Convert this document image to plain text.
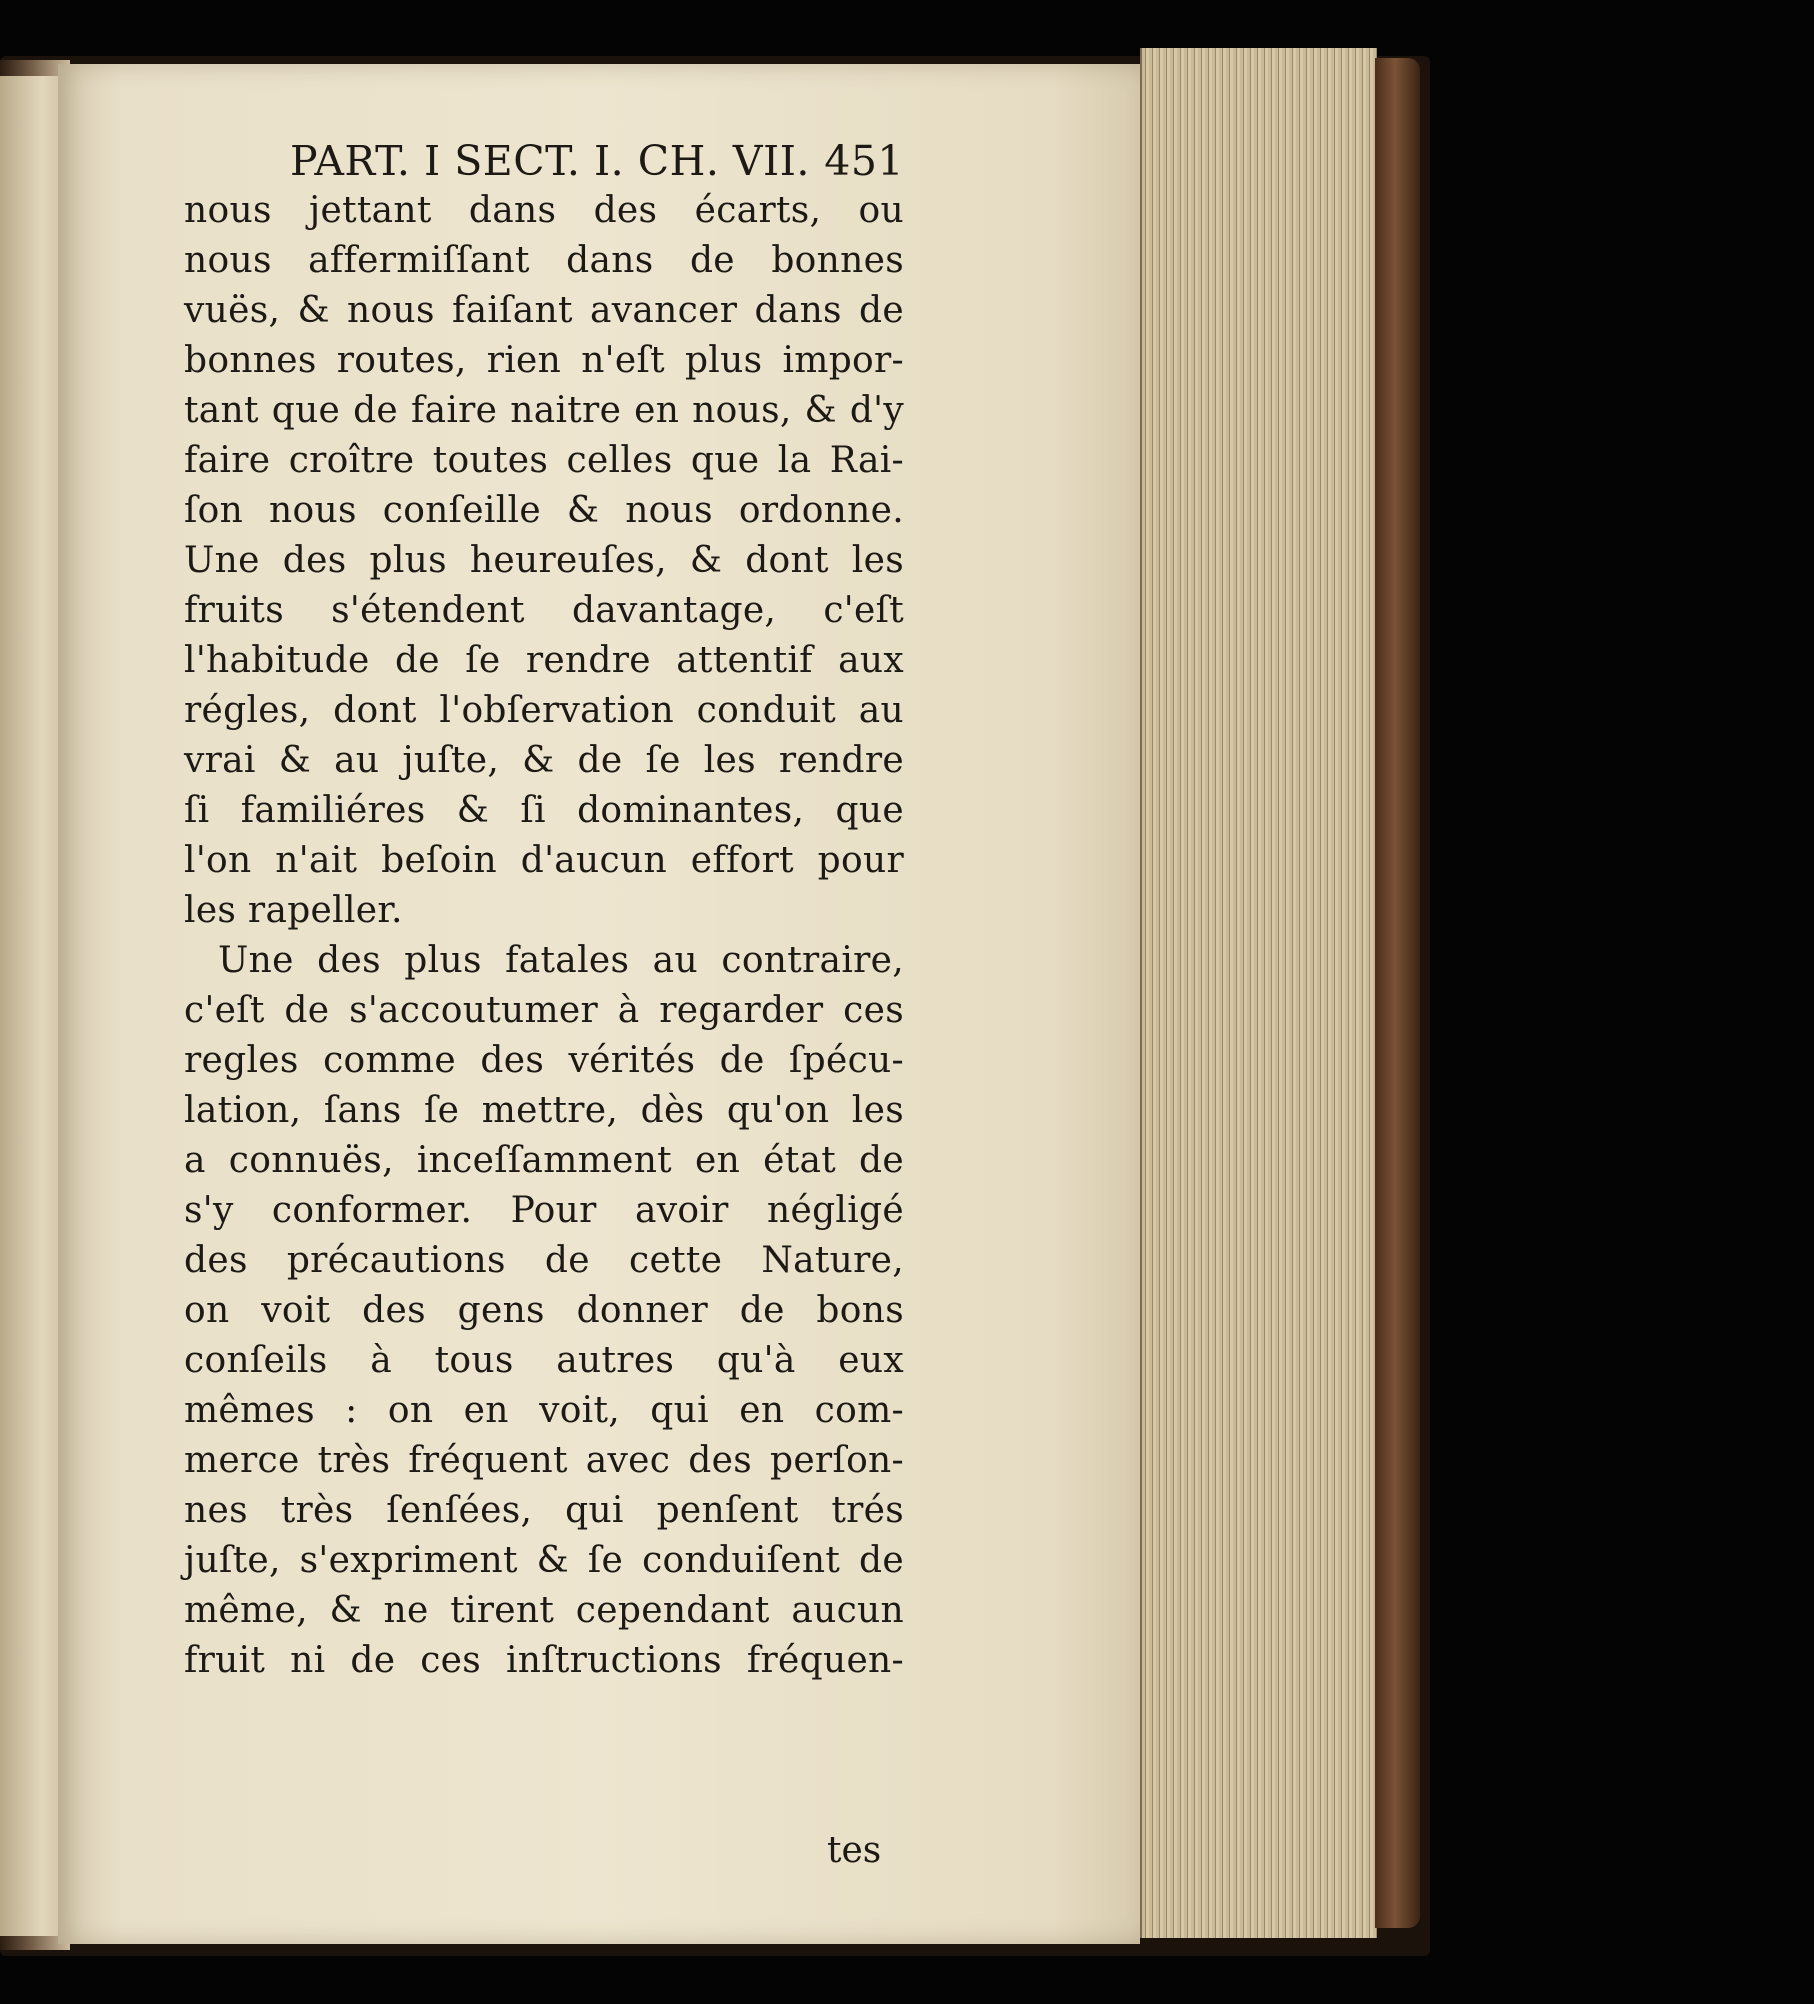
PART. I SECT. I. CH. VII.

451

nous jettant dans des écarts, ou
nous affermiſſant dans de bonnes
vuës, & nous faiſant avancer dans de
bonnes routes, rien n'eſt plus impor-
tant que de faire naitre en nous, & d'y
faire croître toutes celles que la Rai-
ſon nous conſeille & nous ordonne.
Une des plus heureuſes, & dont les
fruits s'étendent davantage, c'eſt
l'habitude de ſe rendre attentif aux
régles, dont l'obſervation conduit au
vrai & au juſte, & de ſe les rendre
ſi familiéres & ſi dominantes, que
l'on n'ait beſoin d'aucun effort pour
les rapeller.
Une des plus fatales au contraire,
c'eſt de s'accoutumer à regarder ces
regles comme des vérités de ſpécu-
lation, ſans ſe mettre, dès qu'on les
a connuës, inceſſamment en état de
s'y conformer. Pour avoir négligé
des précautions de cette Nature,
on voit des gens donner de bons
conſeils à tous autres qu'à eux
mêmes : on en voit, qui en com-
merce très fréquent avec des perſon-
nes très ſenſées, qui penſent trés
juſte, s'expriment & ſe conduiſent de
même, & ne tirent cependant aucun
fruit ni de ces inſtructions fréquen-
tes
